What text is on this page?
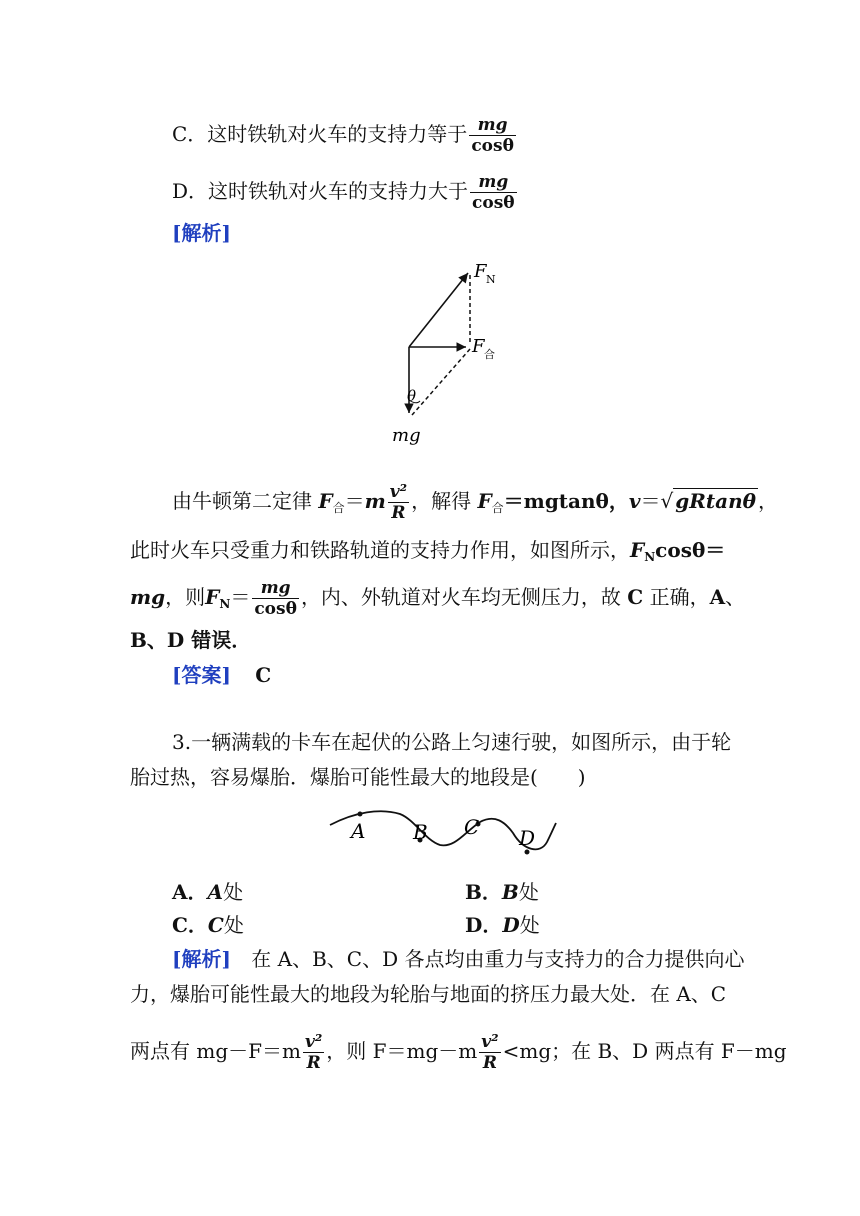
C．这时铁轨对火车的支持力等于 $\frac{mg}{\cos\theta}$
D．这时铁轨对火车的支持力大于 $\frac{mg}{\cos\theta}$
[解析]
F N
F 合
θ
mg
由牛顿第二定律 $F_合=m \frac{\text{v²}}{R}$ ，解得 $F_合=mgtan\theta$，v＝√ gRtanθ ，
此时火车只受重力和铁路轨道的支持力作用，如图所示，$F_N\cos\theta=$
mg，则$F_N= \frac{mg}{\cos\theta}$ ，内、外轨道对火车均无侧压力，故 C 正确，A、
B、D 错误．
[答案] C
3.一辆满载的卡车在起伏的公路上匀速行驶，如图所示，由于轮
胎过热，容易爆胎．爆胎可能性最大的地段是(　　)
A B C D
A．A处	B．B处
C．C处	D．D处
[解析] 在 A、B、C、D 各点均由重力与支持力的合力提供向心
力，爆胎可能性最大的地段为轮胎与地面的挤压力最大处．在 A、C
两点有 $mg-F=m \frac{\text{v²}}{R}$ ，则 $F=mg-m \frac{\text{v²}}{R} <mg$；在 B、D 两点有 F－mg
